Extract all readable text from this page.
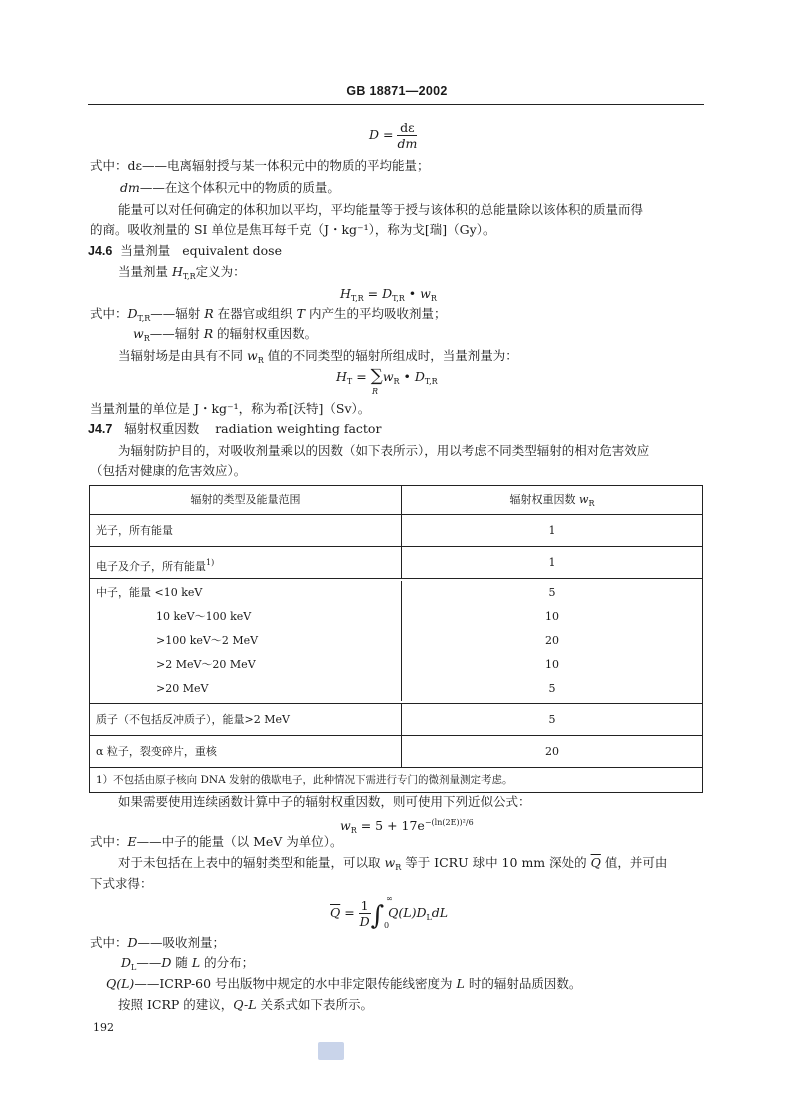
GB 18871—2002
$D = \frac{d\varepsilon}{dm}$
式中：dε——电离辐射授与某一体积元中的物质的平均能量；
dm——在这个体积元中的物质的质量。
能量可以对任何确定的体积加以平均，平均能量等于授与该体积的总能量除以该体积的质量而得
的商。吸收剂量的 SI 单位是焦耳每千克（J・kg⁻¹），称为戈[瑞]（Gy）。
J4.6 当量剂量 equivalent dose
当量剂量 $H_{T,R}$定义为：
$H_{T,R} = D_{T,R}$ • $w_R$
式中：$D_{T,R}——$辐射 R 在器官或组织 T 内产生的平均吸收剂量；
$w_R——$辐射 R 的辐射权重因数。
当辐射场是由具有不同 $w_R$ 值的不同类型的辐射所组成时，当量剂量为：
$H_T = \sum w_R$ • $D_{T,R}$
R
当量剂量的单位是 J・kg⁻¹，称为希[沃特]（Sv）。
J4.7 辐射权重因数 radiation weighting factor
为辐射防护目的，对吸收剂量乘以的因数（如下表所示），用以考虑不同类型辐射的相对危害效应
（包括对健康的危害效应）。
辐射的类型及能量范围	辐射权重因数 $w_R$
光子，所有能量	1
电子及介子，所有能量$^{1)}$	1
中子，能量 <10 keV	5
10 keV～100 keV	10
>100 keV～2 MeV	20
>2 MeV～20 MeV	10
>20 MeV	5
质子（不包括反冲质子），能量>2 MeV	5
α 粒子，裂变碎片，重核	20
1）不包括由原子核向 DNA 发射的俄歇电子，此种情况下需进行专门的微剂量测定考虑。
如果需要使用连续函数计算中子的辐射权重因数，则可使用下列近似公式：
$w_R = 5 + 17e^{-(ln(2E))^2/6}$
式中：E——中子的能量（以 MeV 为单位）。
对于未包括在上表中的辐射类型和能量，可以取 $w_R$ 等于 ICRU 球中 10 mm 深处的 $\overline{Q}$ 值，并可由
下式求得：
$\overline{Q} = \frac{1}{D}$ ∫ $Q(L)D_LdL$
∞
0
式中：D——吸收剂量；
$D_L——D$ 随 L 的分布；
Q(L)——ICRP-60 号出版物中规定的水中非定限传能线密度为 L 时的辐射品质因数。
按照 ICRP 的建议，Q-L 关系式如下表所示。
192
